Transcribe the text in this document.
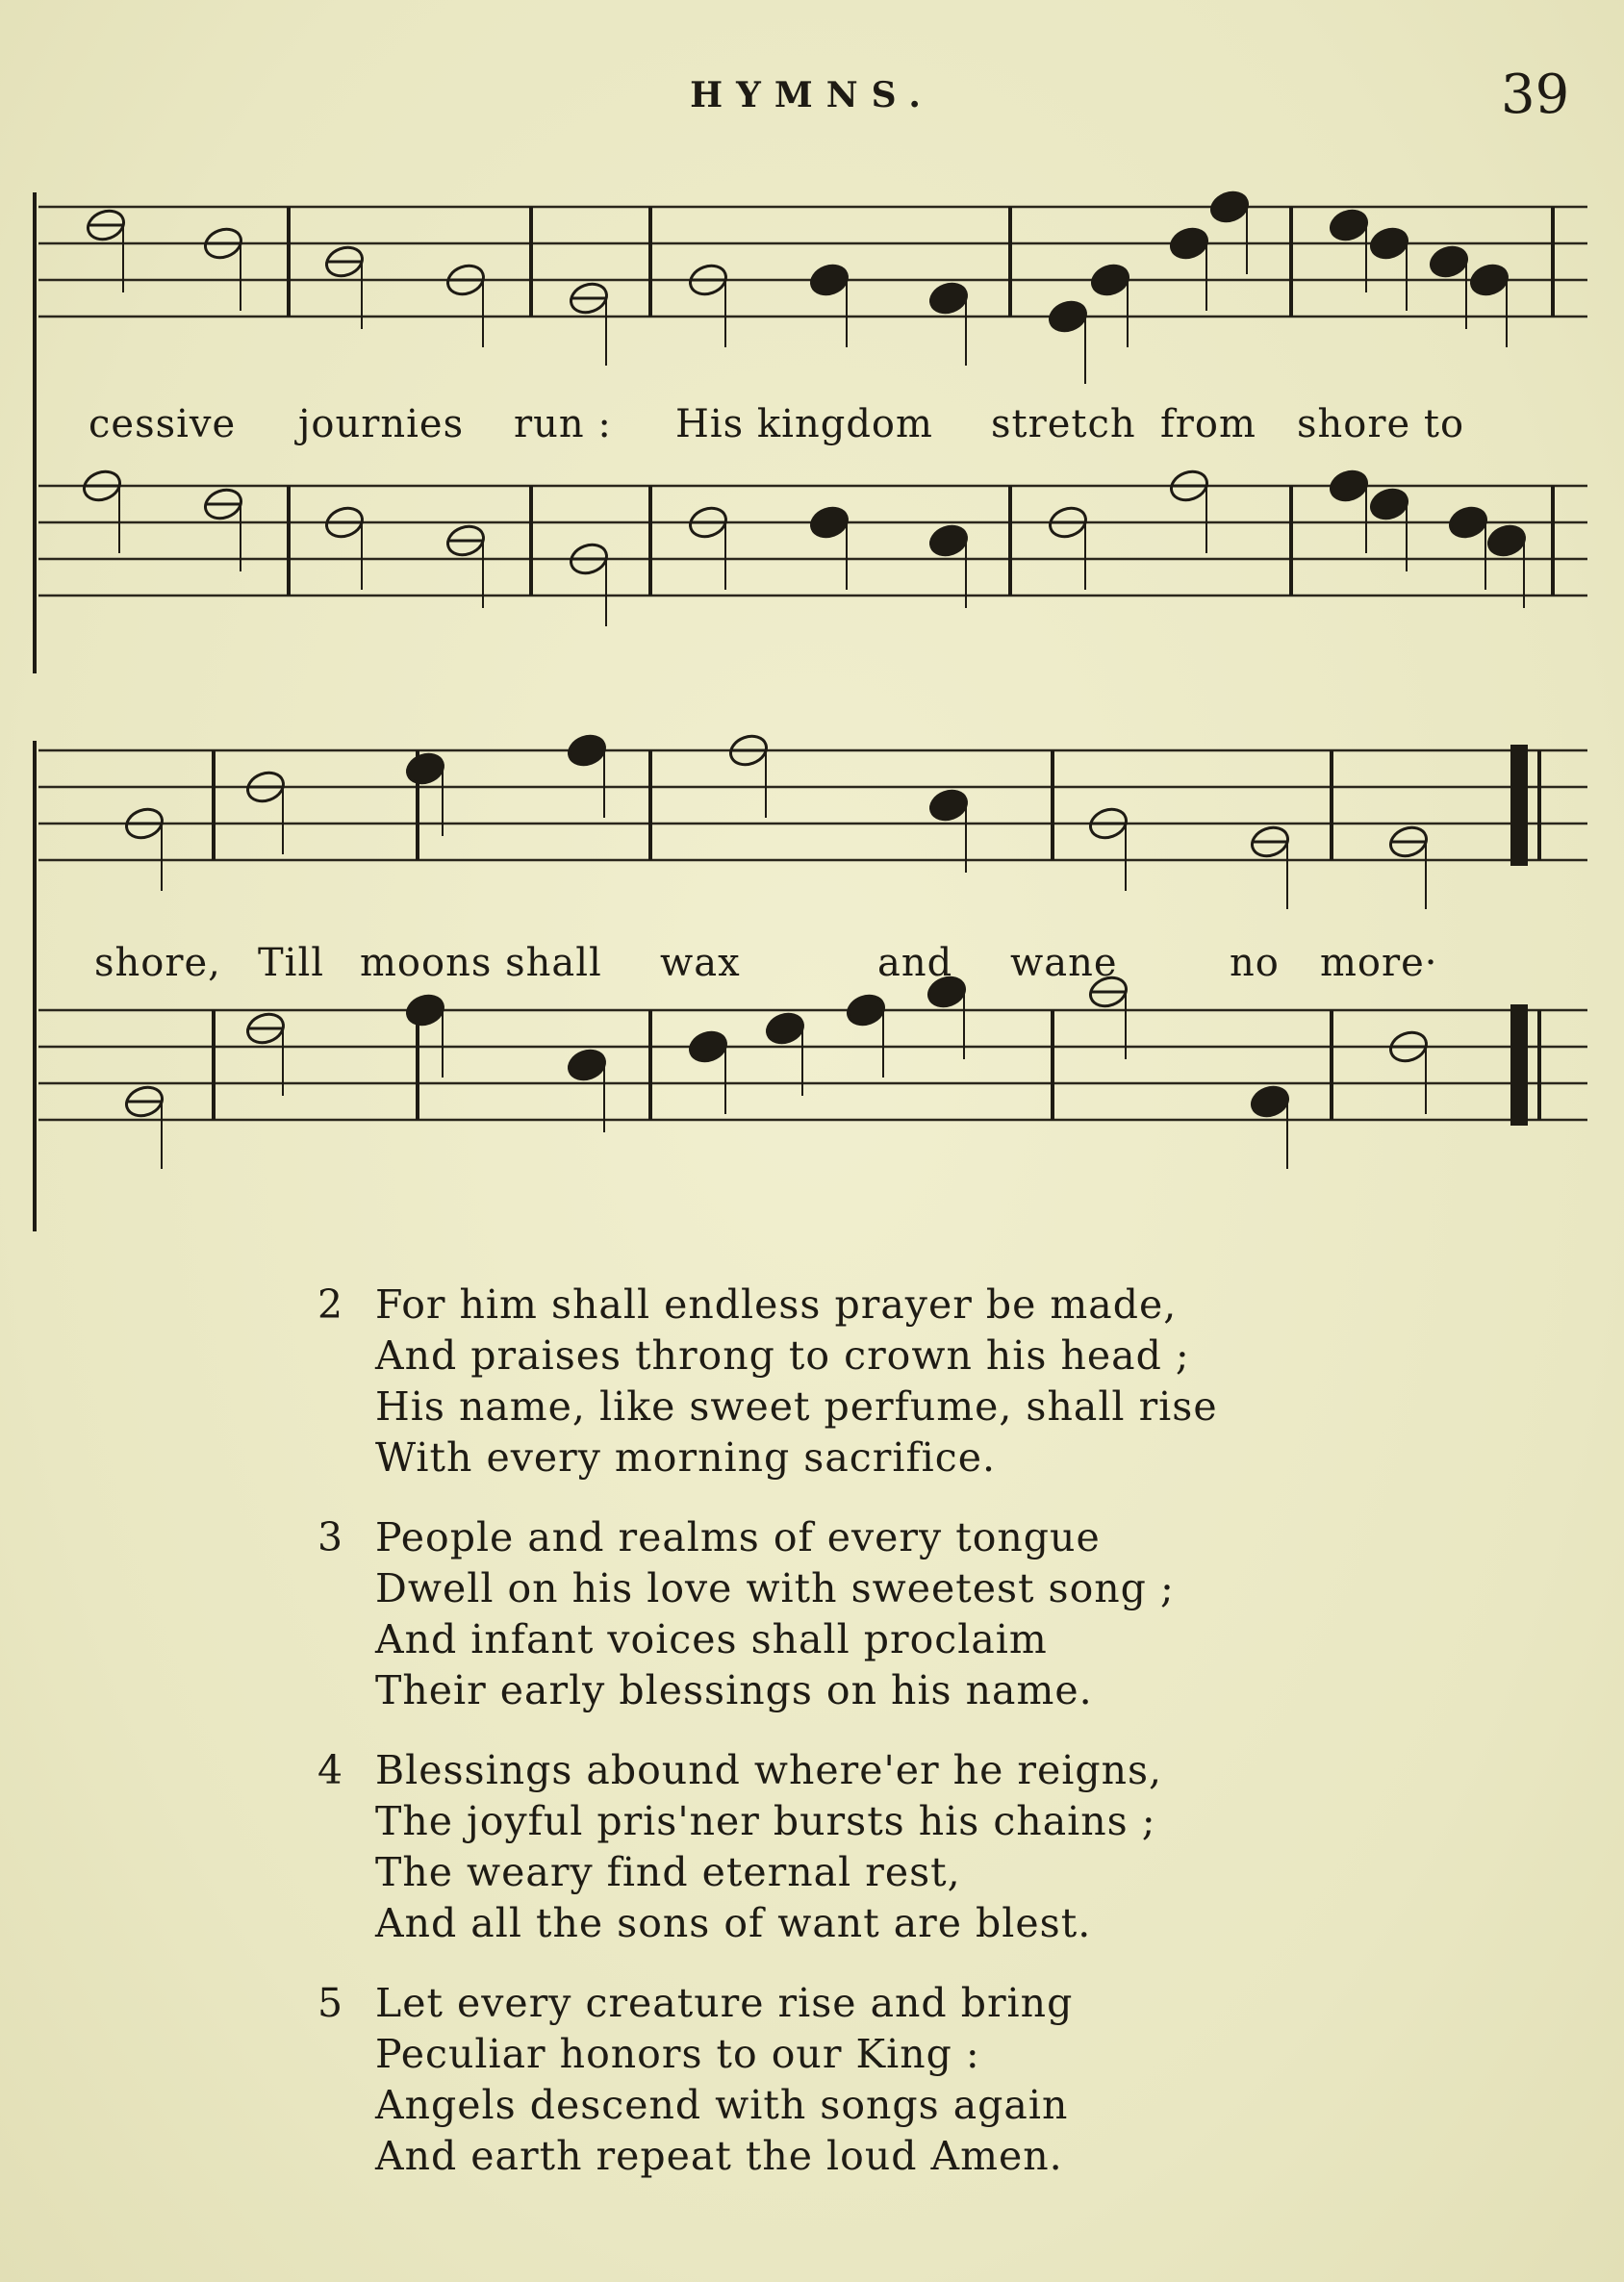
HYMNS.	39
cessive journies run : His kingdom stretch from shore to
shore, Till moons shall wax	and wane	no more·
2 For him shall endless prayer be made,
And praises throng to crown his head ;
His name, like sweet perfume, shall rise
With every morning sacrifice.
3 People and realms of every tongue
Dwell on his love with sweetest song ;
And infant voices shall proclaim
Their early blessings on his name.
4 Blessings abound where'er he reigns,
The joyful pris'ner bursts his chains ;
The weary find eternal rest,
And all the sons of want are blest.
5 Let every creature rise and bring
Peculiar honors to our King :
Angels descend with songs again
And earth repeat the loud Amen.
